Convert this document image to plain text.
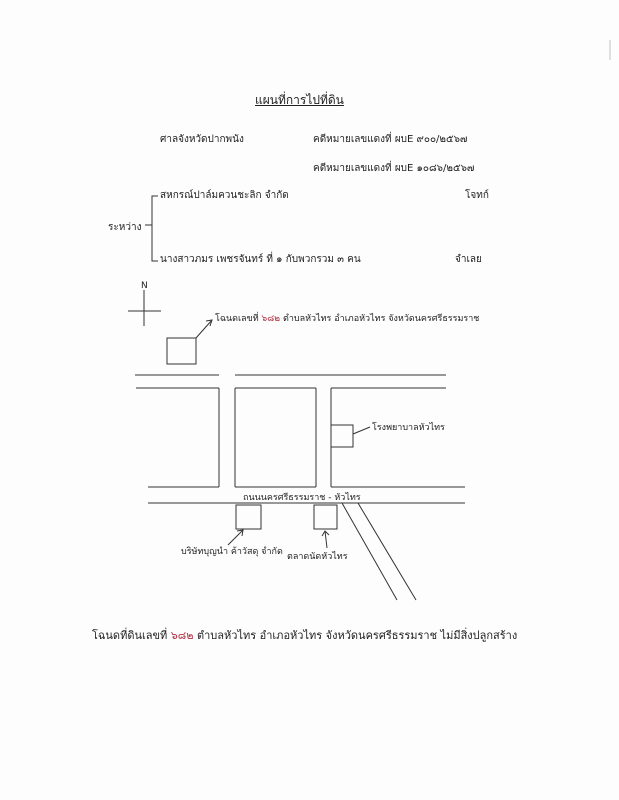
แผนที่การไปที่ดิน
ศาลจังหวัดปากพนัง	คดีหมายเลขแดงที่ ผบE ๙๐๐/๒๕๖๗
คดีหมายเลขแดงที่ ผบE ๑๐๘๖/๒๕๖๗
สหกรณ์ปาล์มควนชะลิก จำกัด	โจทก์
ระหว่าง
นางสาวภมร เพชรจันทร์ ที่ ๑ กับพวกรวม ๓ คน	จำเลย
N
โฉนดเลขที่ ๖๘๒ ตำบลหัวไทร อำเภอหัวไทร จังหวัดนครศรีธรรมราช
โรงพยาบาลหัวไทร
ถนนนครศรีธรรมราช - หัวไทร
บริษัทบุญนำ ค้าวัสดุ จำกัด ตลาดนัดหัวไทร
โฉนดที่ดินเลขที่ ๖๘๒ ตำบลหัวไทร อำเภอหัวไทร จังหวัดนครศรีธรรมราช ไม่มีสิ่งปลูกสร้าง
